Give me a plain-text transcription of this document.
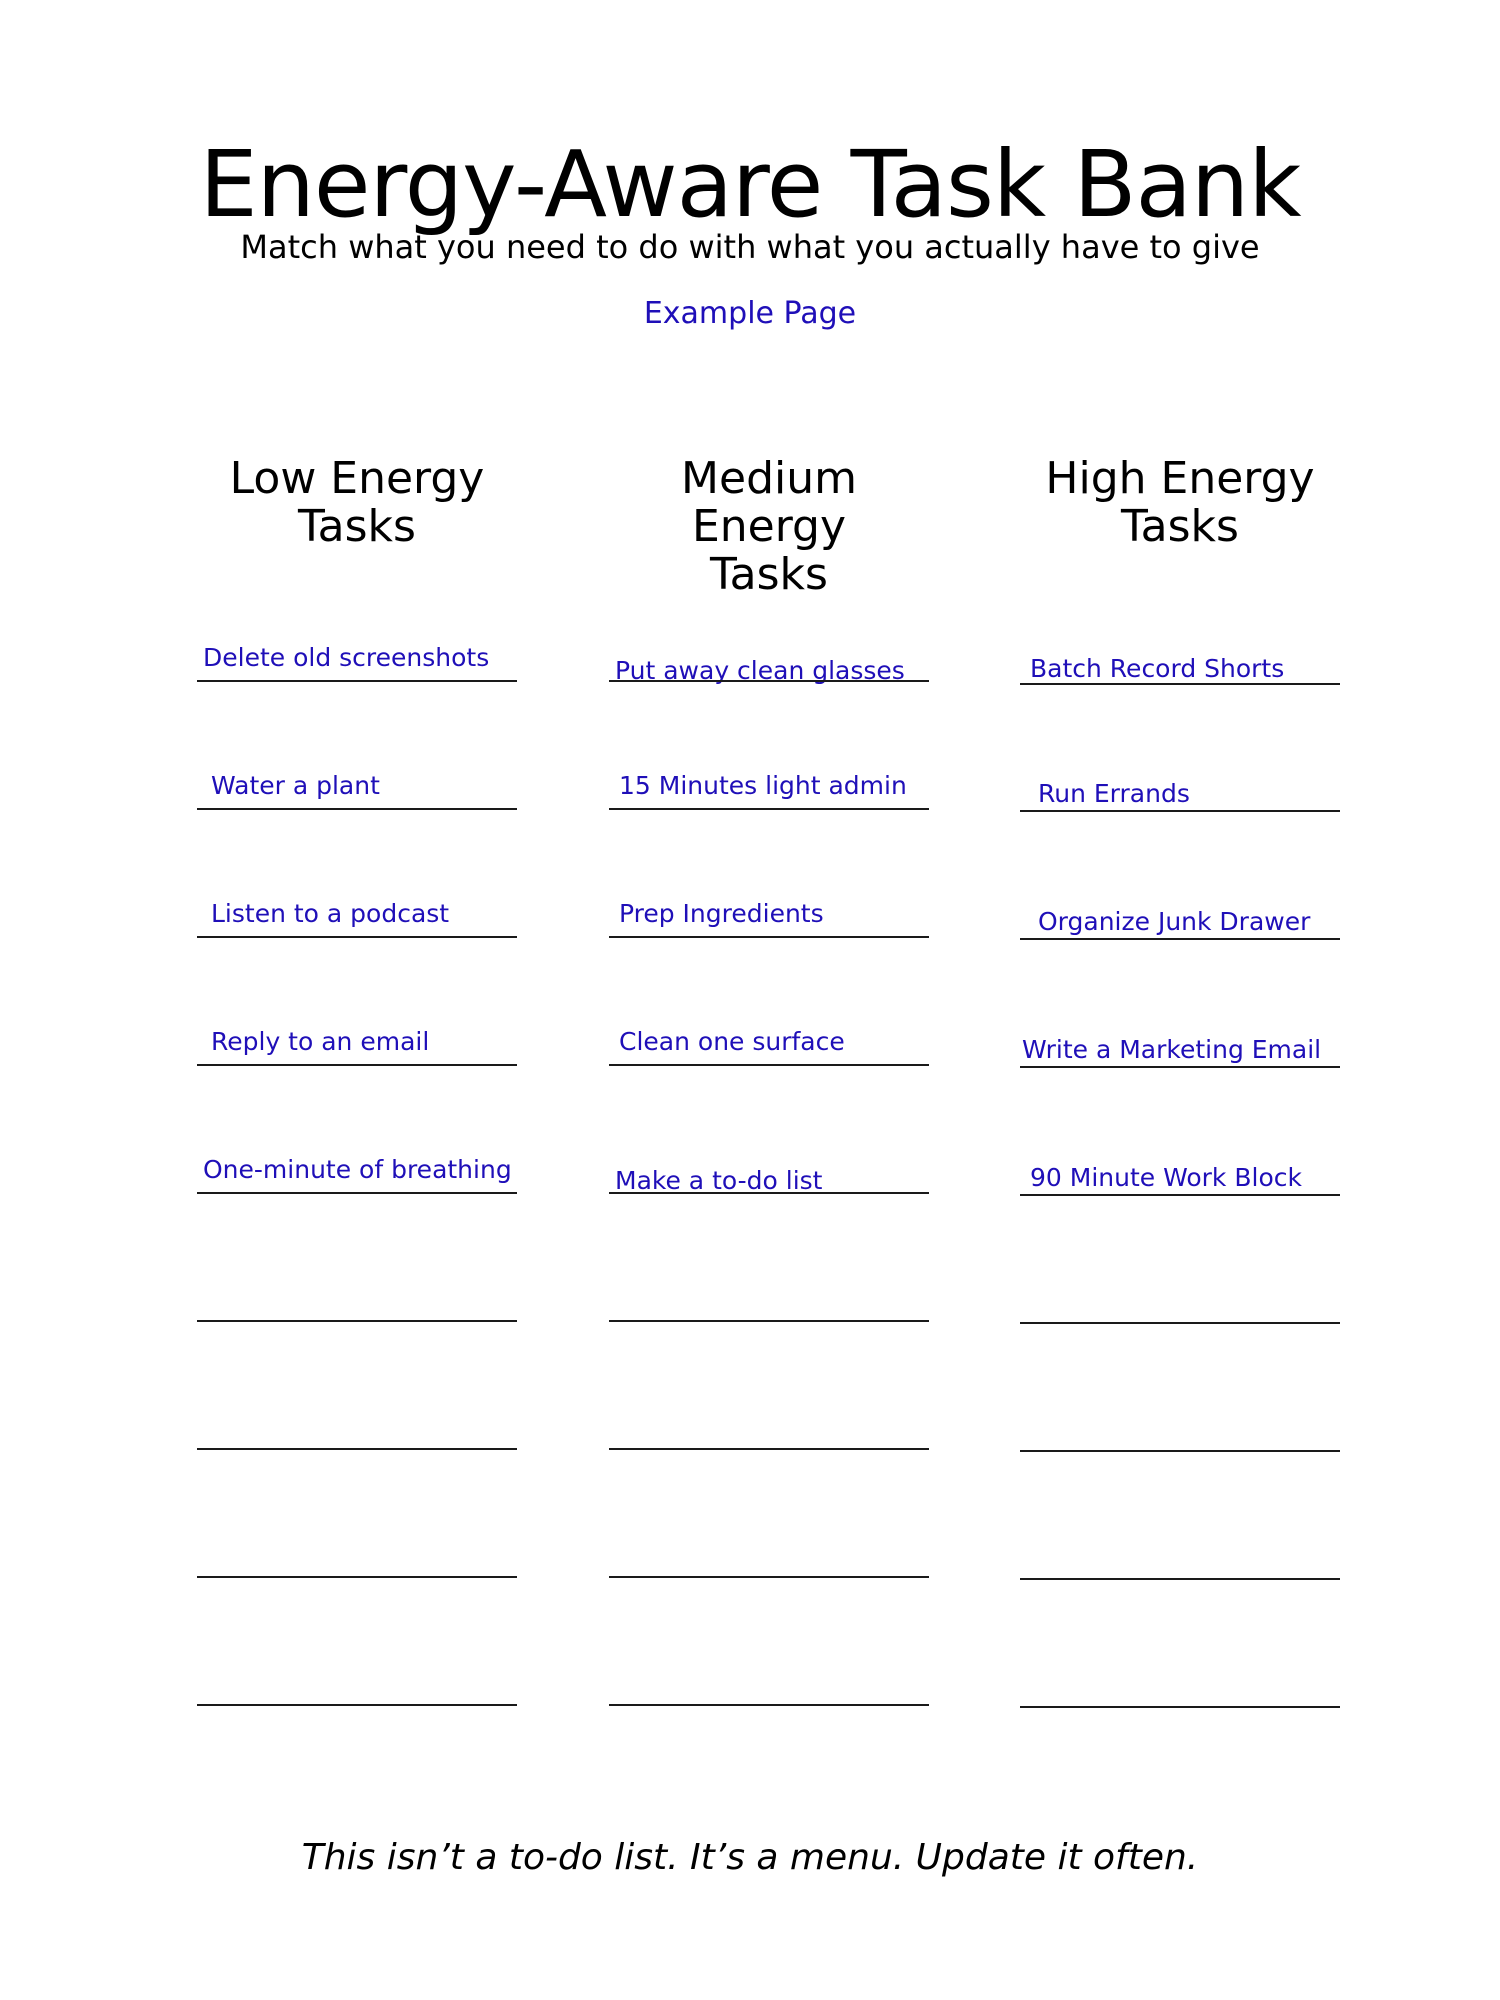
Energy-Aware Task Bank

Match what you need to do with what you actually have to give

Example Page
Low Energy
Tasks
Delete old screenshots
Water a plant
Listen to a podcast
Reply to an email
One-minute of breathing
Medium Energy
Tasks
Put away clean glasses
15 Minutes light admin
Prep Ingredients
Clean one surface
Make a to-do list
High Energy
Tasks
Batch Record Shorts
Run Errands
Organize Junk Drawer
Write a Marketing Email
90 Minute Work Block
This isn’t a to-do list. It’s a menu. Update it often.
